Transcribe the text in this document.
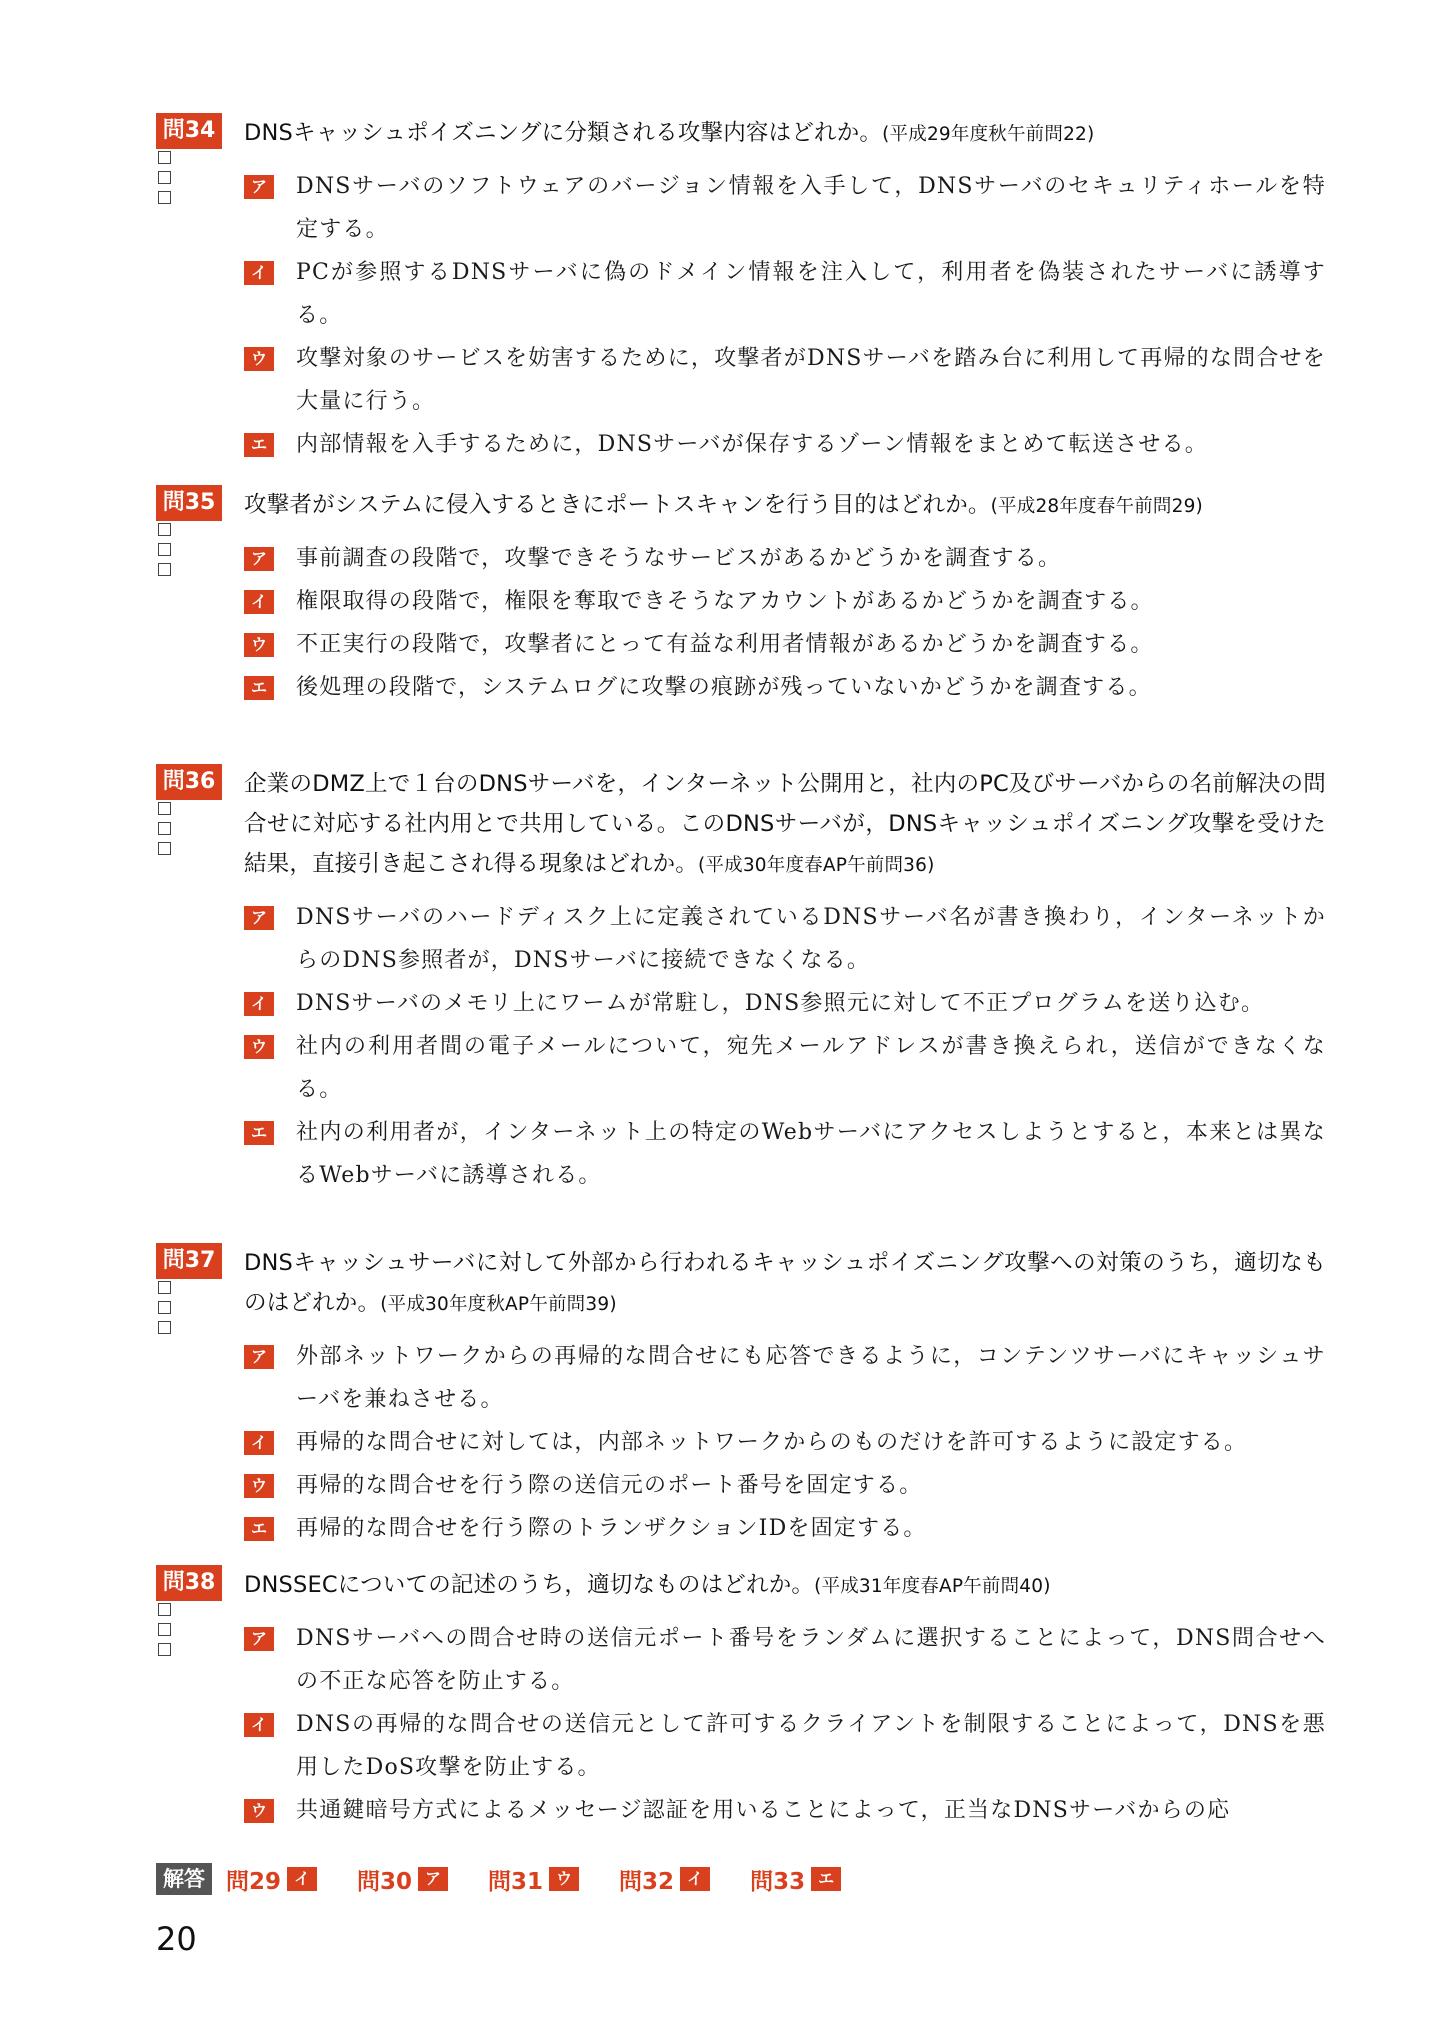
問34 DNSキャッシュポイズニングに分類される攻撃内容はどれか。(平成29年度秋午前問22)
ア	DNSサーバのソフトウェアのバージョン情報を入手して，DNSサーバのセキュリティホールを特定する。
イ	PCが参照するDNSサーバに偽のドメイン情報を注入して，利用者を偽装されたサーバに誘導する。
ウ	攻撃対象のサービスを妨害するために，攻撃者がDNSサーバを踏み台に利用して再帰的な問合せを大量に行う。
エ	内部情報を入手するために，DNSサーバが保存するゾーン情報をまとめて転送させる。
問35 攻撃者がシステムに侵入するときにポートスキャンを行う目的はどれか。(平成28年度春午前問29)
ア	事前調査の段階で，攻撃できそうなサービスがあるかどうかを調査する。
イ	権限取得の段階で，権限を奪取できそうなアカウントがあるかどうかを調査する。
ウ	不正実行の段階で，攻撃者にとって有益な利用者情報があるかどうかを調査する。
エ	後処理の段階で，システムログに攻撃の痕跡が残っていないかどうかを調査する。
問36 企業のDMZ上で１台のDNSサーバを，インターネット公開用と，社内のPC及びサーバからの名前解決の問合せに対応する社内用とで共用している。このDNSサーバが，DNSキャッシュポイズニング攻撃を受けた結果，直接引き起こされ得る現象はどれか。(平成30年度春AP午前問36)
ア	DNSサーバのハードディスク上に定義されているDNSサーバ名が書き換わり，インターネットからのDNS参照者が，DNSサーバに接続できなくなる。
イ	DNSサーバのメモリ上にワームが常駐し，DNS参照元に対して不正プログラムを送り込む。
ウ	社内の利用者間の電子メールについて，宛先メールアドレスが書き換えられ，送信ができなくなる。
エ	社内の利用者が，インターネット上の特定のWebサーバにアクセスしようとすると，本来とは異なるWebサーバに誘導される。
問37 DNSキャッシュサーバに対して外部から行われるキャッシュポイズニング攻撃への対策のうち，適切なものはどれか。(平成30年度秋AP午前問39)
ア	外部ネットワークからの再帰的な問合せにも応答できるように，コンテンツサーバにキャッシュサーバを兼ねさせる。
イ	再帰的な問合せに対しては，内部ネットワークからのものだけを許可するように設定する。
ウ	再帰的な問合せを行う際の送信元のポート番号を固定する。
エ	再帰的な問合せを行う際のトランザクションIDを固定する。
問38 DNSSECについての記述のうち，適切なものはどれか。(平成31年度春AP午前問40)
ア	DNSサーバへの問合せ時の送信元ポート番号をランダムに選択することによって，DNS問合せへの不正な応答を防止する。
イ	DNSの再帰的な問合せの送信元として許可するクライアントを制限することによって，DNSを悪用したDoS攻撃を防止する。
ウ	共通鍵暗号方式によるメッセージ認証を用いることによって，正当なDNSサーバからの応
解答 問29 イ	問30 ア	問31 ウ	問32 イ	問33 エ
20
